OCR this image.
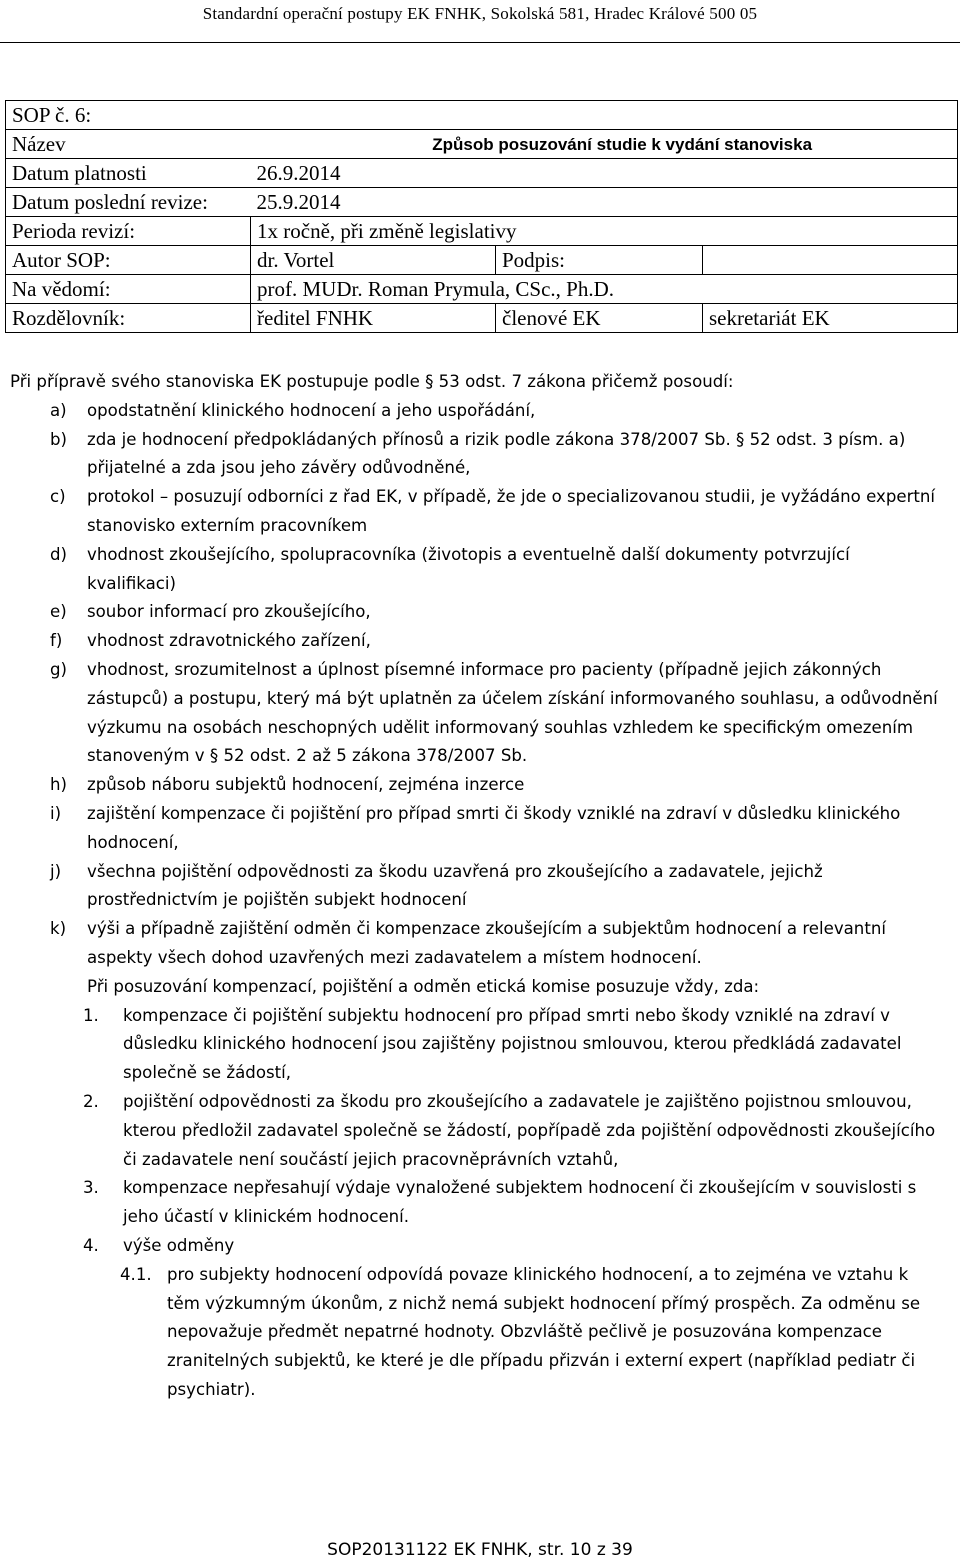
Standardní operační postupy EK FNHK, Sokolská 581, Hradec Králové 500 05
SOP č. 6:			
Název	Způsob posuzování studie k vydání stanoviska		
Datum platnosti	26.9.2014		
Datum poslední revize:	25.9.2014		
Perioda revizí:	1x ročně, při změně legislativy		
Autor SOP:	dr. Vortel	Podpis:	
Na vědomí:	prof. MUDr. Roman Prymula, CSc., Ph.D.		
Rozdělovník:	ředitel FNHK	členové EK	sekretariát EK

Při přípravě svého stanoviska EK postupuje podle § 53 odst. 7 zákona přičemž posoudí:

a) opodstatnění klinického hodnocení a jeho uspořádání,

b) zda je hodnocení předpokládaných přínosů a rizik podle zákona 378/2007 Sb. § 52 odst. 3 písm. a) přijatelné a zda jsou jeho závěry odůvodněné,

c) protokol – posuzují odborníci z řad EK, v případě, že jde o specializovanou studii, je vyžádáno expertní stanovisko externím pracovníkem

d) vhodnost zkoušejícího, spolupracovníka (životopis a eventuelně další dokumenty potvrzující kvalifikaci)

e) soubor informací pro zkoušejícího,

f) vhodnost zdravotnického zařízení,

g) vhodnost, srozumitelnost a úplnost písemné informace pro pacienty (případně jejich zákonných zástupců) a postupu, který má být uplatněn za účelem získání informovaného souhlasu, a odůvodnění výzkumu na osobách neschopných udělit informovaný souhlas vzhledem ke specifickým omezením stanoveným v § 52 odst. 2 až 5 zákona 378/2007 Sb.

h) způsob náboru subjektů hodnocení, zejména inzerce

i) zajištění kompenzace či pojištění pro případ smrti či škody vzniklé na zdraví v důsledku klinického hodnocení,

j) všechna pojištění odpovědnosti za škodu uzavřená pro zkoušejícího a zadavatele, jejichž prostřednictvím je pojištěn subjekt hodnocení

k) výši a případně zajištění odměn či kompenzace zkoušejícím a subjektům hodnocení a relevantní aspekty všech dohod uzavřených mezi zadavatelem a místem hodnocení.

Při posuzování kompenzací, pojištění a odměn etická komise posuzuje vždy, zda:

1. kompenzace či pojištění subjektu hodnocení pro případ smrti nebo škody vzniklé na zdraví v důsledku klinického hodnocení jsou zajištěny pojistnou smlouvou, kterou předkládá zadavatel společně se žádostí,

2. pojištění odpovědnosti za škodu pro zkoušejícího a zadavatele je zajištěno pojistnou smlouvou, kterou předložil zadavatel společně se žádostí, popřípadě zda pojištění odpovědnosti zkoušejícího či zadavatele není součástí jejich pracovněprávních vztahů,

3. kompenzace nepřesahují výdaje vynaložené subjektem hodnocení či zkoušejícím v souvislosti s jeho účastí v klinickém hodnocení.

4. výše odměny

4.1. pro subjekty hodnocení odpovídá povaze klinického hodnocení, a to zejména ve vztahu k těm výzkumným úkonům, z nichž nemá subjekt hodnocení přímý prospěch. Za odměnu se nepovažuje předmět nepatrné hodnoty. Obzvláště pečlivě je posuzována kompenzace zranitelných subjektů, ke které je dle případu přizván i externí expert (například pediatr či psychiatr).

SOP20131122 EK FNHK, str. 10 z 39
